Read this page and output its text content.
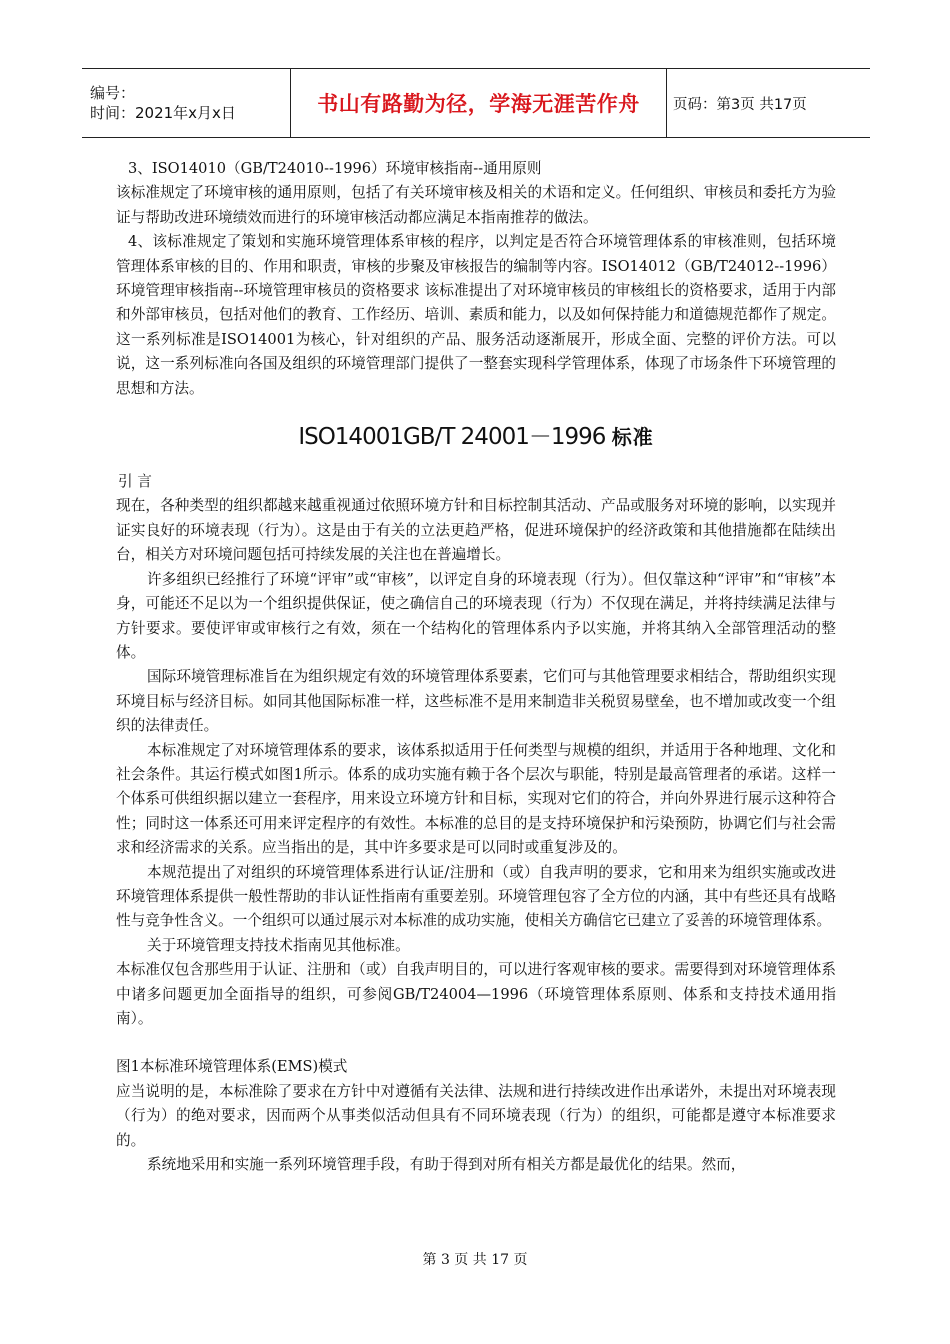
编号：
时间：2021年x月x日	书山有路勤为径，学海无涯苦作舟 页码：第3页 共17页

3、ISO14010（GB/T24010--1996）环境审核指南--通用原则

该标准规定了环境审核的通用原则，包括了有关环境审核及相关的术语和定义。任何组织、审核员和委托方为验证与帮助改进环境绩效而进行的环境审核活动都应满足本指南推荐的做法。

4、该标准规定了策划和实施环境管理体系审核的程序，以判定是否符合环境管理体系的审核准则，包括环境管理体系审核的目的、作用和职责，审核的步聚及审核报告的编制等内容。ISO14012（GB/T24012--1996）环境管理审核指南--环境管理审核员的资格要求 该标准提出了对环境审核员的审核组长的资格要求，适用于内部和外部审核员，包括对他们的教育、工作经历、培训、素质和能力，以及如何保持能力和道德规范都作了规定。 这一系列标准是ISO14001为核心，针对组织的产品、服务活动逐渐展开，形成全面、完整的评价方法。可以说，这一系列标准向各国及组织的环境管理部门提供了一整套实现科学管理体系，体现了市场条件下环境管理的思想和方法。

ISO14001GB/T 24001－1996 标准

引 言

现在，各种类型的组织都越来越重视通过依照环境方针和目标控制其活动、产品或服务对环境的影响，以实现并证实良好的环境表现（行为）。这是由于有关的立法更趋严格，促进环境保护的经济政策和其他措施都在陆续出台，相关方对环境问题包括可持续发展的关注也在普遍增长。

许多组织已经推行了环境“评审”或“审核”，以评定自身的环境表现（行为）。但仅靠这种“评审”和“审核”本身，可能还不足以为一个组织提供保证，使之确信自己的环境表现（行为）不仅现在满足，并将持续满足法律与方针要求。要使评审或审核行之有效，须在一个结构化的管理体系内予以实施，并将其纳入全部管理活动的整体。

国际环境管理标准旨在为组织规定有效的环境管理体系要素，它们可与其他管理要求相结合，帮助组织实现环境目标与经济目标。如同其他国际标准一样，这些标准不是用来制造非关税贸易壁垒，也不增加或改变一个组织的法律责任。

本标准规定了对环境管理体系的要求，该体系拟适用于任何类型与规模的组织，并适用于各种地理、文化和社会条件。其运行模式如图1所示。体系的成功实施有赖于各个层次与职能，特别是最高管理者的承诺。这样一个体系可供组织据以建立一套程序，用来设立环境方针和目标，实现对它们的符合，并向外界进行展示这种符合性；同时这一体系还可用来评定程序的有效性。本标准的总目的是支持环境保护和污染预防，协调它们与社会需求和经济需求的关系。应当指出的是，其中许多要求是可以同时或重复涉及的。

本规范提出了对组织的环境管理体系进行认证/注册和（或）自我声明的要求，它和用来为组织实施或改进环境管理体系提供一般性帮助的非认证性指南有重要差别。环境管理包容了全方位的内涵，其中有些还具有战略性与竞争性含义。一个组织可以通过展示对本标准的成功实施，使相关方确信它已建立了妥善的环境管理体系。

关于环境管理支持技术指南见其他标准。

本标准仅包含那些用于认证、注册和（或）自我声明目的，可以进行客观审核的要求。需要得到对环境管理体系中诸多问题更加全面指导的组织，可参阅GB/T24004—1996（环境管理体系原则、体系和支持技术通用指南）。

图1本标准环境管理体系(EMS)模式

应当说明的是，本标准除了要求在方针中对遵循有关法律、法规和进行持续改进作出承诺外，未提出对环境表现（行为）的绝对要求，因而两个从事类似活动但具有不同环境表现（行为）的组织，可能都是遵守本标准要求的。

系统地采用和实施一系列环境管理手段，有助于得到对所有相关方都是最优化的结果。然而，

第 3 页 共 17 页
